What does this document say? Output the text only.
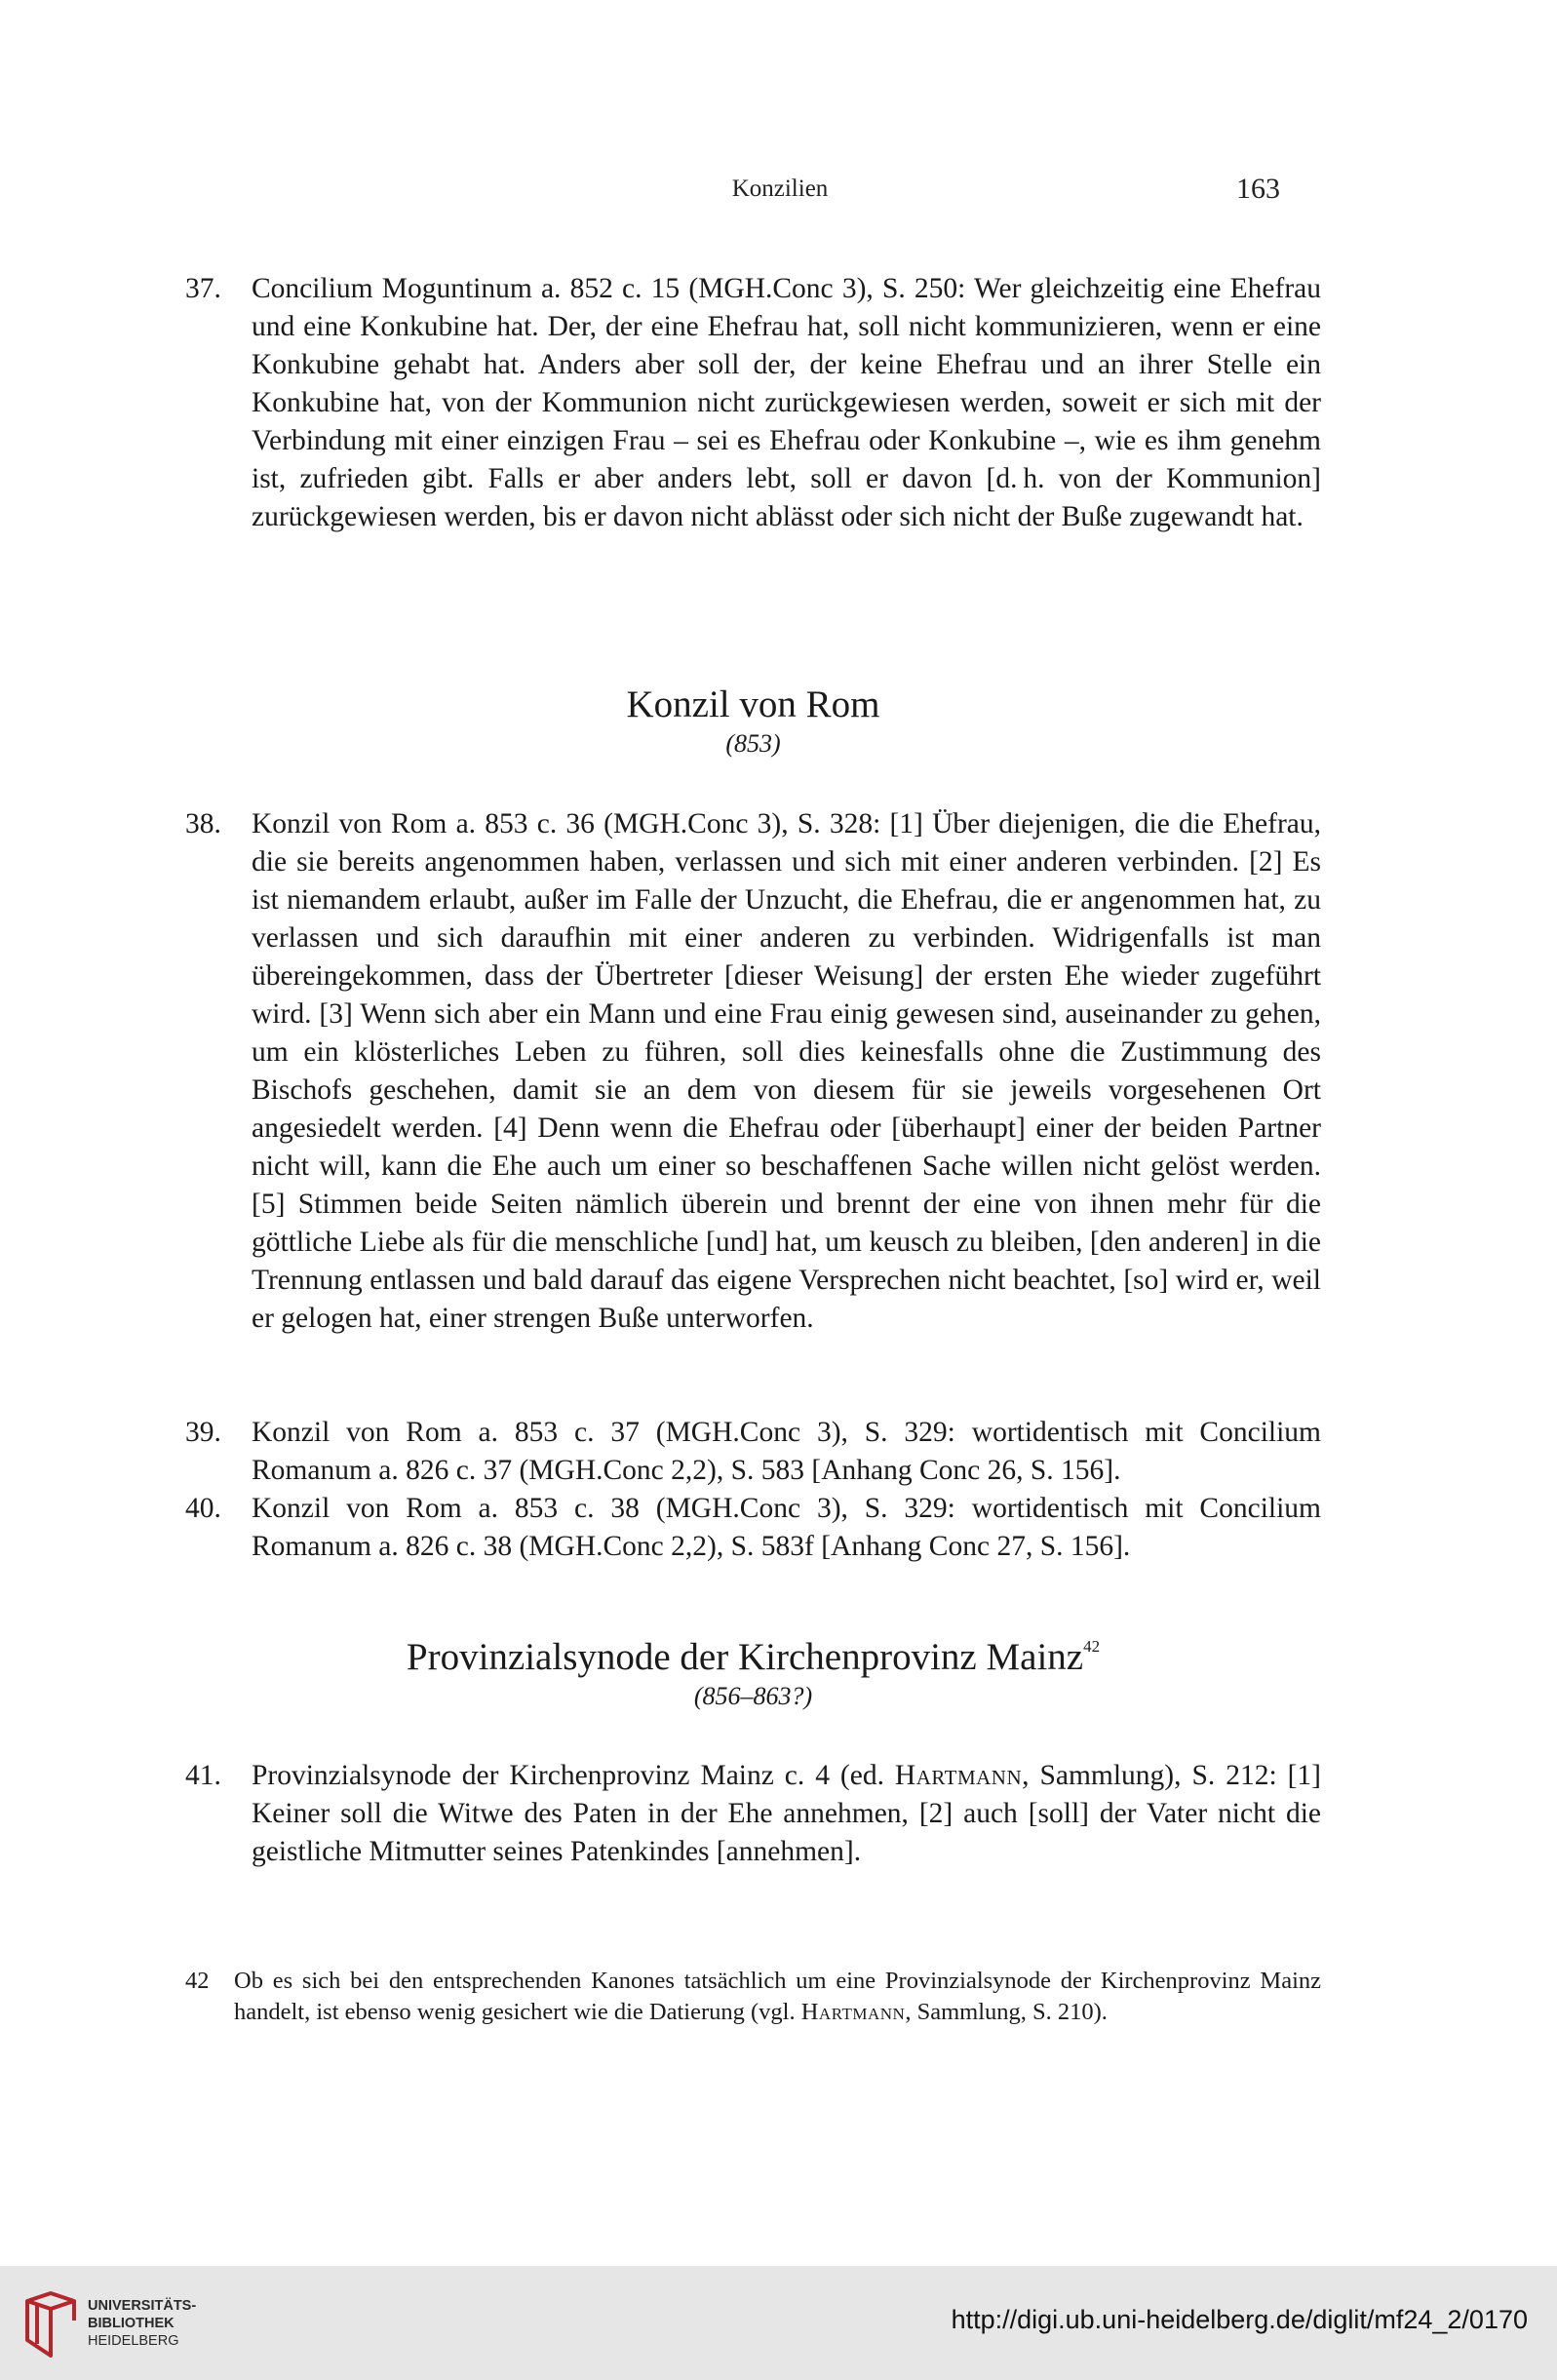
Konzilien	163
37.	Concilium Moguntinum a. 852 c. 15 (MGH.Conc 3), S. 250: Wer gleichzeitig eine Ehefrau und eine Konkubine hat. Der, der eine Ehefrau hat, soll nicht kommunizieren, wenn er eine Konkubine gehabt hat. Anders aber soll der, der keine Ehefrau und an ihrer Stelle ein Konkubine hat, von der Kommunion nicht zurückgewiesen werden, soweit er sich mit der Verbindung mit einer einzigen Frau – sei es Ehefrau oder Konkubine –, wie es ihm genehm ist, zufrieden gibt. Falls er aber anders lebt, soll er davon [d. h. von der Kommunion] zurückgewiesen werden, bis er davon nicht ablässt oder sich nicht der Buße zugewandt hat.
Konzil von Rom
(853)
38.	Konzil von Rom a. 853 c. 36 (MGH.Conc 3), S. 328: [1] Über diejenigen, die die Ehefrau, die sie bereits angenommen haben, verlassen und sich mit einer anderen verbinden. [2] Es ist niemandem erlaubt, außer im Falle der Unzucht, die Ehefrau, die er angenommen hat, zu verlassen und sich daraufhin mit einer anderen zu verbinden. Widrigenfalls ist man übereingekommen, dass der Übertreter [dieser Weisung] der ersten Ehe wieder zugeführt wird. [3] Wenn sich aber ein Mann und eine Frau einig gewesen sind, auseinander zu gehen, um ein klösterliches Leben zu führen, soll dies keinesfalls ohne die Zustimmung des Bischofs geschehen, damit sie an dem von diesem für sie jeweils vorgesehenen Ort angesiedelt werden. [4] Denn wenn die Ehefrau oder [überhaupt] einer der beiden Partner nicht will, kann die Ehe auch um einer so beschaffenen Sache willen nicht gelöst werden. [5] Stimmen beide Seiten nämlich überein und brennt der eine von ihnen mehr für die göttliche Liebe als für die menschliche [und] hat, um keusch zu bleiben, [den anderen] in die Trennung entlassen und bald darauf das eigene Versprechen nicht beachtet, [so] wird er, weil er gelogen hat, einer strengen Buße unterworfen.
39.	Konzil von Rom a. 853 c. 37 (MGH.Conc 3), S. 329: wortidentisch mit Concilium Romanum a. 826 c. 37 (MGH.Conc 2,2), S. 583 [Anhang Conc 26, S. 156].
40.	Konzil von Rom a. 853 c. 38 (MGH.Conc 3), S. 329: wortidentisch mit Concilium Romanum a. 826 c. 38 (MGH.Conc 2,2), S. 583f [Anhang Conc 27, S. 156].
Provinzialsynode der Kirchenprovinz Mainz$^{42}$
(856–863?)
41.	Provinzialsynode der Kirchenprovinz Mainz c. 4 (ed. Hartmann, Sammlung), S. 212: [1] Keiner soll die Witwe des Paten in der Ehe annehmen, [2] auch [soll] der Vater nicht die geistliche Mitmutter seines Patenkindes [annehmen].
42 Ob es sich bei den entsprechenden Kanones tatsächlich um eine Provinzialsynode der Kirchenprovinz Mainz handelt, ist ebenso wenig gesichert wie die Datierung (vgl. Hartmann, Sammlung, S. 210).
UNIVERSITÄTS-
BIBLIOTHEK
HEIDELBERG
http://digi.ub.uni-heidelberg.de/diglit/mf24_2/0170
